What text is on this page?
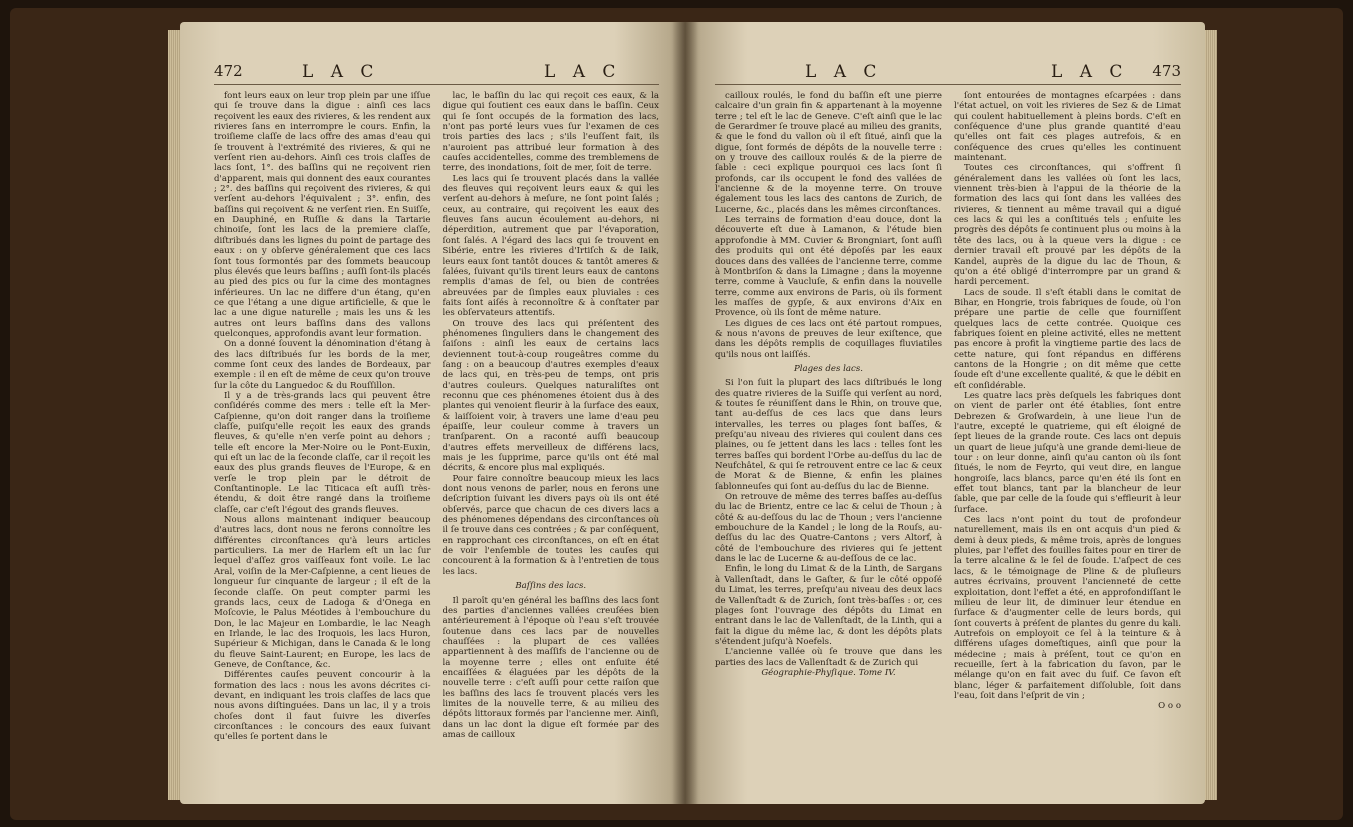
472	L A C	L A C

font leurs eaux on leur trop plein par une iſſue qui ſe trouve dans la digue : ainſi ces lacs reçoivent les eaux des rivieres, & les rendent aux rivieres ſans en interrompre le cours. Enfin, la troiſieme claſſe de lacs offre des amas d'eau qui ſe trouvent à l'extrémité des rivieres, & qui ne verſent rien au-dehors. Ainſi ces trois claſſes de lacs ſont, 1°. des baſſins qui ne reçoivent rien d'apparent, mais qui donnent des eaux courantes ; 2°. des baſſins qui reçoivent des rivieres, & qui verſent au-dehors l'équivalent ; 3°. enfin, des baſſins qui reçoivent & ne verſent rien. En Suiſſe, en Dauphiné, en Ruſſie & dans la Tartarie chinoiſe, ſont les lacs de la premiere claſſe, diſtribués dans les lignes du point de partage des eaux : on y obſerve généralement que ces lacs ſont tous ſormontés par des ſommets beaucoup plus élevés que leurs baſſins ; auſſi ſont-ils placés au pied des pics ou ſur la cime des montagnes inférieures. Un lac ne differe d'un étang, qu'en ce que l'étang a une digue artificielle, & que le lac a une digue naturelle ; mais les uns & les autres ont leurs baſſins dans des vallons quelconques, approfondis avant leur formation.

On a donné ſouvent la dénomination d'étang à des lacs diſtribués ſur les bords de la mer, comme ſont ceux des landes de Bordeaux, par exemple : il en eſt de même de ceux qu'on trouve ſur la côte du Languedoc & du Rouſſillon.

Il y a de très-grands lacs qui peuvent être conſidérés comme des mers : telle eſt la Mer-Caſpienne, qu'on doit ranger dans la troiſieme claſſe, puiſqu'elle reçoit les eaux des grands fleuves, & qu'elle n'en verſe point au dehors ; telle eſt encore la Mer-Noire ou le Pont-Euxin, qui eſt un lac de la ſeconde claſſe, car il reçoit les eaux des plus grands fleuves de l'Europe, & en verſe le trop plein par le détroit de Conſtantinople. Le lac Titicaca eſt auſſi très-étendu, & doit être rangé dans la troiſieme claſſe, car c'eſt l'égout des grands fleuves.

Nous allons maintenant indiquer beaucoup d'autres lacs, dont nous ne ferons connoître les différentes circonſtances qu'à leurs articles particuliers. La mer de Harlem eſt un lac ſur lequel d'aſſez gros vaiſſeaux font voile. Le lac Aral, voiſin de la Mer-Caſpienne, a cent lieues de longueur ſur cinquante de largeur ; il eſt de la ſeconde claſſe. On peut compter parmi les grands lacs, ceux de Ladoga & d'Onega en Moſcovie, le Palus Méotides à l'embouchure du Don, le lac Majeur en Lombardie, le lac Neagh en Irlande, le lac des Iroquois, les lacs Huron, Supérieur & Michigan, dans le Canada & le long du fleuve Saint-Laurent; en Europe, les lacs de Geneve, de Conſtance, &c.

Différentes cauſes peuvent concourir à la formation des lacs : nous les avons décrites ci-devant, en indiquant les trois claſſes de lacs que nous avons diſtinguées. Dans un lac, il y a trois choſes dont il faut ſuivre les diverſes circonſtances : le concours des eaux ſuivant qu'elles ſe portent dans le

lac, le baſſin du lac qui reçoit ces eaux, & la digue qui ſoutient ces eaux dans le baſſin. Ceux qui ſe ſont occupés de la formation des lacs, n'ont pas porté leurs vues ſur l'examen de ces trois parties des lacs ; s'ils l'euſſent fait, ils n'auroient pas attribué leur formation à des cauſes accidentelles, comme des tremblemens de terre, des inondations, ſoit de mer, ſoit de terre.

Les lacs qui ſe trouvent placés dans la vallée des fleuves qui reçoivent leurs eaux & qui les verſent au-dehors à meſure, ne ſont point ſalés ; ceux, au contraire, qui reçoivent les eaux des fleuves ſans aucun écoulement au-dehors, ni déperdition, autrement que par l'évaporation, ſont ſalés. A l'égard des lacs qui ſe trouvent en Sibérie, entre les rivieres d'Irtiſch & de Iaik, leurs eaux ſont tantôt douces & tantôt ameres & ſalées, ſuivant qu'ils tirent leurs eaux de cantons remplis d'amas de ſel, ou bien de contrées abreuvées par de ſimples eaux pluviales : ces faits ſont aiſés à reconnoître & à conſtater par les obſervateurs attentifs.

On trouve des lacs qui préſentent des phénomenes ſinguliers dans le changement des ſaiſons : ainſi les eaux de certains lacs deviennent tout-à-coup rougeâtres comme du ſang : on a beaucoup d'autres exemples d'eaux de lacs qui, en très-peu de temps, ont pris d'autres couleurs. Quelques naturaliſtes ont reconnu que ces phénomenes étoient dus à des plantes qui venoient fleurir à la ſurface des eaux, & laiſſoient voir, à travers une lame d'eau peu épaiſſe, leur couleur comme à travers un tranſparent. On a raconté auſſi beaucoup d'autres effets merveilleux de différens lacs, mais je les ſupprime, parce qu'ils ont été mal décrits, & encore plus mal expliqués.

Pour faire connoître beaucoup mieux les lacs dont nous venons de parler, nous en ferons une deſcription ſuivant les divers pays où ils ont été obſervés, parce que chacun de ces divers lacs a des phénomenes dépendans des circonſtances où il ſe trouve dans ces contrées ; & par conſéquent, en rapprochant ces circonſtances, on eſt en état de voir l'enſemble de toutes les cauſes qui concourent à la formation & à l'entretien de tous les lacs.

Baſſins des lacs.

Il paroît qu'en général les baſſins des lacs ſont des parties d'anciennes vallées creuſées bien antérieurement à l'époque où l'eau s'eſt trouvée ſoutenue dans ces lacs par de nouvelles chauſſées : la plupart de ces vallées appartiennent à des maſſifs de l'ancienne ou de la moyenne terre ; elles ont enſuite été encaiſſées & élaguées par les dépôts de la nouvelle terre : c'eſt auſſi pour cette raiſon que les baſſins des lacs ſe trouvent placés vers les limites de la nouvelle terre, & au milieu des dépôts littoraux formés par l'ancienne mer. Ainſi, dans un lac dont la digue eſt formée par des amas de cailloux

L A C	L A C 473

cailloux roulés, le fond du baſſin eſt une pierre calcaire d'un grain fin & appartenant à la moyenne terre ; tel eſt le lac de Geneve. C'eſt ainſi que le lac de Gerardmer ſe trouve placé au milieu des granits, & que le fond du vallon où il eſt ſitué, ainſi que la digue, ſont formés de dépôts de la nouvelle terre : on y trouve des cailloux roulés & de la pierre de ſable : ceci explique pourquoi ces lacs ſont ſi profonds, car ils occupent le fond des vallées de l'ancienne & de la moyenne terre. On trouve également tous les lacs des cantons de Zurich, de Lucerne, &c., placés dans les mêmes circonſtances.

Les terrains de formation d'eau douce, dont la découverte eſt due à Lamanon, & l'étude bien approfondie à MM. Cuvier & Brongniart, ſont auſſi des produits qui ont été dépoſés par les eaux douces dans des vallées de l'ancienne terre, comme à Montbriſon & dans la Limagne ; dans la moyenne terre, comme à Vaucluſe, & enfin dans la nouvelle terre, comme aux environs de Paris, où ils forment les maſſes de gypſe, & aux environs d'Aix en Provence, où ils ſont de même nature.

Les digues de ces lacs ont été partout rompues, & nous n'avons de preuves de leur exiſtence, que dans les dépôts remplis de coquillages fluviatiles qu'ils nous ont laiſſés.

Plages des lacs.

Si l'on ſuit la plupart des lacs diſtribués le long des quatre rivieres de la Suiſſe qui verſent au nord, & toutes ſe réuniſſent dans le Rhin, on trouve que, tant au-deſſus de ces lacs que dans leurs intervalles, les terres ou plages ſont baſſes, & preſqu'au niveau des rivieres qui coulent dans ces plaines, ou ſe jettent dans les lacs : telles ſont les terres baſſes qui bordent l'Orbe au-deſſus du lac de Neufchâtel, & qui ſe retrouvent entre ce lac & ceux de Morat & de Bienne, & enfin les plaines ſablonneuſes qui ſont au-deſſus du lac de Bienne.

On retrouve de même des terres baſſes au-deſſus du lac de Brientz, entre ce lac & celui de Thoun ; à côté & au-deſſous du lac de Thoun ; vers l'ancienne embouchure de la Kandel ; le long de la Rouſs, au-deſſus du lac des Quatre-Cantons ; vers Altorf, à côté de l'embouchure des rivieres qui ſe jettent dans le lac de Lucerne & au-deſſous de ce lac.

Enfin, le long du Limat & de la Linth, de Sargans à Vallenſtadt, dans le Gaſter, & ſur le côté oppoſé du Limat, les terres, preſqu'au niveau des deux lacs de Vallenſtadt & de Zurich, ſont très-baſſes : or, ces plages ſont l'ouvrage des dépôts du Limat en entrant dans le lac de Vallenſtadt, de la Linth, qui a fait la digue du même lac, & dont les dépôts plats s'étendent juſqu'à Noefels.

L'ancienne vallée où ſe trouve que dans les parties des lacs de Vallenſtadt & de Zurich qui

Géographie-Phyſique. Tome IV.

ſont entourées de montagnes eſcarpées : dans l'état actuel, on voit les rivieres de Sez & de Limat qui coulent habituellement à pleins bords. C'eſt en conſéquence d'une plus grande quantité d'eau qu'elles ont fait ces plages autrefois, & en conſéquence des crues qu'elles les continuent maintenant.

Toutes ces circonſtances, qui s'offrent ſi généralement dans les vallées où ſont les lacs, viennent très-bien à l'appui de la théorie de la formation des lacs qui ſont dans les vallées des rivieres, & tiennent au même travail qui a digué ces lacs & qui les a conſtitués tels ; enſuite les progrès des dépôts ſe continuent plus ou moins à la tête des lacs, ou à la queue vers la digue : ce dernier travail eſt prouvé par les dépôts de la Kandel, auprès de la digue du lac de Thoun, & qu'on a été obligé d'interrompre par un grand & hardi percement.

Lacs de soude. Il s'eſt établi dans le comitat de Bihar, en Hongrie, trois fabriques de ſoude, où l'on prépare une partie de celle que fourniſſent quelques lacs de cette contrée. Quoique ces fabriques ſoient en pleine activité, elles ne mettent pas encore à profit la vingtieme partie des lacs de cette nature, qui ſont répandus en différens cantons de la Hongrie ; on dit même que cette ſoude eſt d'une excellente qualité, & que le débit en eſt conſidérable.

Les quatre lacs près deſquels les fabriques dont on vient de parler ont été établies, ſont entre Debrezen & Groſwardein, à une lieue l'un de l'autre, excepté le quatrieme, qui eſt éloigné de ſept lieues de la grande route. Ces lacs ont depuis un quart de lieue juſqu'à une grande demi-lieue de tour : on leur donne, ainſi qu'au canton où ils ſont ſitués, le nom de Feyrto, qui veut dire, en langue hongroiſe, lacs blancs, parce qu'en été ils ſont en effet tout blancs, tant par la blancheur de leur ſable, que par celle de la ſoude qui s'effleurit à leur ſurface.

Ces lacs n'ont point du tout de profondeur naturellement, mais ils en ont acquis d'un pied & demi à deux pieds, & même trois, après de longues pluies, par l'effet des fouilles faites pour en tirer de la terre alcaline & le ſel de ſoude. L'aſpect de ces lacs, & le témoignage de Pline & de pluſieurs autres écrivains, prouvent l'ancienneté de cette exploitation, dont l'effet a été, en approfondiſſant le milieu de leur lit, de diminuer leur étendue en ſurface & d'augmenter celle de leurs bords, qui ſont couverts à préſent de plantes du genre du kali. Autrefois on employoit ce ſel à la teinture & à différens uſages domeſtiques, ainſi que pour la médecine ; mais à préſent, tout ce qu'on en recueille, ſert à la fabrication du ſavon, par le mélange qu'on en fait avec du ſuif. Ce ſavon eſt blanc, léger & parfaitement diſſoluble, ſoit dans l'eau, ſoit dans l'eſprit de vin ;

O o o
